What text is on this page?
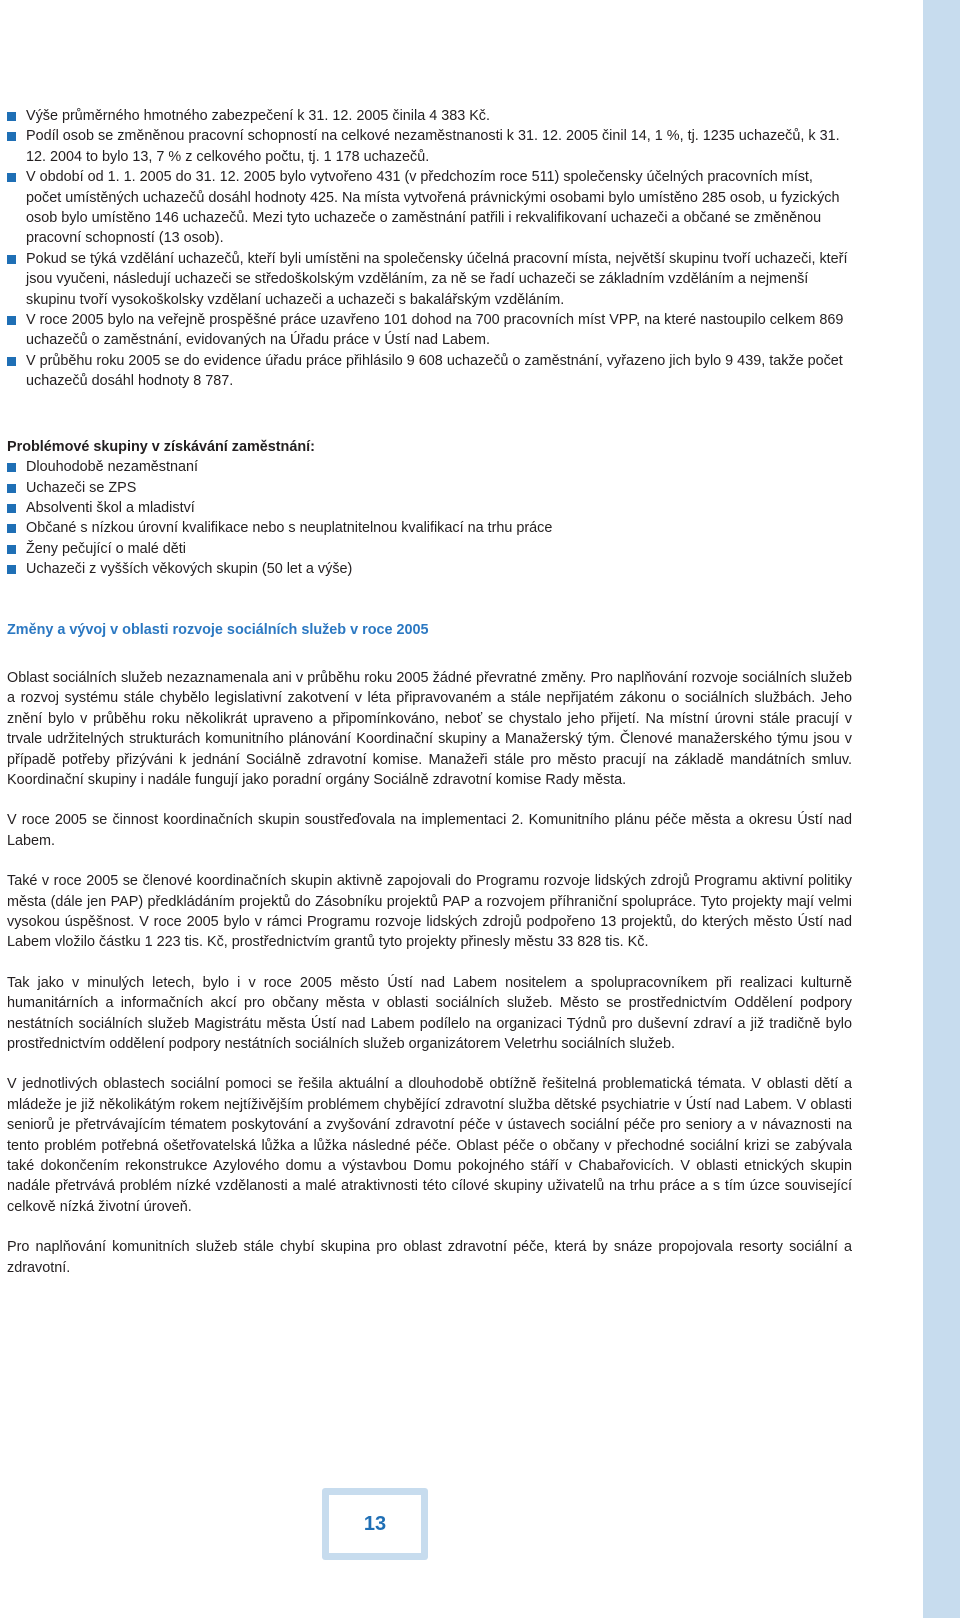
Výše průměrného hmotného zabezpečení k 31. 12. 2005 činila 4 383 Kč.
Podíl osob se změněnou pracovní schopností na celkové nezaměstnanosti k 31. 12. 2005 činil 14, 1 %, tj. 1235 uchazečů, k 31. 12. 2004 to bylo 13, 7 % z celkového počtu, tj. 1 178 uchazečů.
V období od 1. 1. 2005 do 31. 12. 2005 bylo vytvořeno 431 (v předchozím roce 511) společensky účelných pracovních míst, počet umístěných uchazečů dosáhl hodnoty 425. Na místa vytvořená právnickými osobami bylo umístěno 285 osob, u fyzických osob bylo umístěno 146 uchazečů. Mezi tyto uchazeče o zaměstnání patřili i rekvalifikovaní uchazeči a občané se změněnou pracovní schopností (13 osob).
Pokud se týká vzdělání uchazečů, kteří byli umístěni na společensky účelná pracovní místa, největší skupinu tvoří uchazeči, kteří jsou vyučeni, následují uchazeči se středoškolským vzděláním, za ně se řadí uchazeči se základním vzděláním a nejmenší skupinu tvoří vysokoškolsky vzdělaní uchazeči a uchazeči s bakalářským vzděláním.
V roce 2005 bylo na veřejně prospěšné práce uzavřeno 101 dohod na 700 pracovních míst VPP, na které nastoupilo celkem 869 uchazečů o zaměstnání, evidovaných na Úřadu práce v Ústí nad Labem.
V průběhu roku 2005 se do evidence úřadu práce přihlásilo 9 608 uchazečů o zaměstnání, vyřazeno jich bylo 9 439, takže počet uchazečů dosáhl hodnoty 8 787.

Problémové skupiny v získávání zaměstnání:

Dlouhodobě nezaměstnaní
Uchazeči se ZPS
Absolventi škol a mladiství
Občané s nízkou úrovní kvalifikace nebo s neuplatnitelnou kvalifikací na trhu práce
Ženy pečující o malé děti
Uchazeči z vyšších věkových skupin (50 let a výše)

Změny a vývoj v oblasti rozvoje sociálních služeb v roce 2005

Oblast sociálních služeb nezaznamenala ani v průběhu roku 2005 žádné převratné změny. Pro naplňování rozvoje sociálních služeb a rozvoj systému stále chybělo legislativní zakotvení v léta připravovaném a stále nepřijatém zákonu o sociálních službách. Jeho znění bylo v průběhu roku několikrát upraveno a připomínkováno, neboť se chystalo jeho přijetí. Na místní úrovni stále pracují v trvale udržitelných strukturách komunitního plánování Koordinační skupiny a Manažerský tým. Členové manažerského týmu jsou v případě potřeby přizýváni k jednání Sociálně zdravotní komise. Manažeři stále pro město pracují na základě mandátních smluv. Koordinační skupiny i nadále fungují jako poradní orgány Sociálně zdravotní komise Rady města.

V roce 2005 se činnost koordinačních skupin soustřeďovala na implementaci 2. Komunitního plánu péče města a okresu Ústí nad Labem.

Také v roce 2005 se členové koordinačních skupin aktivně zapojovali do Programu rozvoje lidských zdrojů Programu aktivní politiky města (dále jen PAP) předkládáním projektů do Zásobníku projektů PAP a rozvojem příhraniční spolupráce. Tyto projekty mají velmi vysokou úspěšnost. V roce 2005 bylo v rámci Programu rozvoje lidských zdrojů podpořeno 13 projektů, do kterých město Ústí nad Labem vložilo částku 1 223 tis. Kč, prostřednictvím grantů tyto projekty přinesly městu 33 828 tis. Kč.

Tak jako v minulých letech, bylo i v roce 2005 město Ústí nad Labem nositelem a spolupracovníkem při realizaci kulturně humanitárních a informačních akcí pro občany města v oblasti sociálních služeb. Město se prostřednictvím Oddělení podpory nestátních sociálních služeb Magistrátu města Ústí nad Labem podílelo na organizaci Týdnů pro duševní zdraví a již tradičně bylo prostřednictvím oddělení podpory nestátních sociálních služeb organizátorem Veletrhu sociálních služeb.

V jednotlivých oblastech sociální pomoci se řešila aktuální a dlouhodobě obtížně řešitelná problematická témata. V oblasti dětí a mládeže je již několikátým rokem nejtíživějším problémem chybějící zdravotní služba dětské psychiatrie v Ústí nad Labem. V oblasti seniorů je přetrvávajícím tématem poskytování a zvyšování zdravotní péče v ústavech sociální péče pro seniory a v návaznosti na tento problém potřebná ošetřovatelská lůžka a lůžka následné péče. Oblast péče o občany v přechodné sociální krizi se zabývala také dokončením rekonstrukce Azylového domu a výstavbou Domu pokojného stáří v Chabařovicích. V oblasti etnických skupin nadále přetrvává problém nízké vzdělanosti a malé atraktivnosti této cílové skupiny uživatelů na trhu práce a s tím úzce související celkově nízká životní úroveň.

Pro naplňování komunitních služeb stále chybí skupina pro oblast zdravotní péče, která by snáze propojovala resorty sociální a zdravotní.

13
